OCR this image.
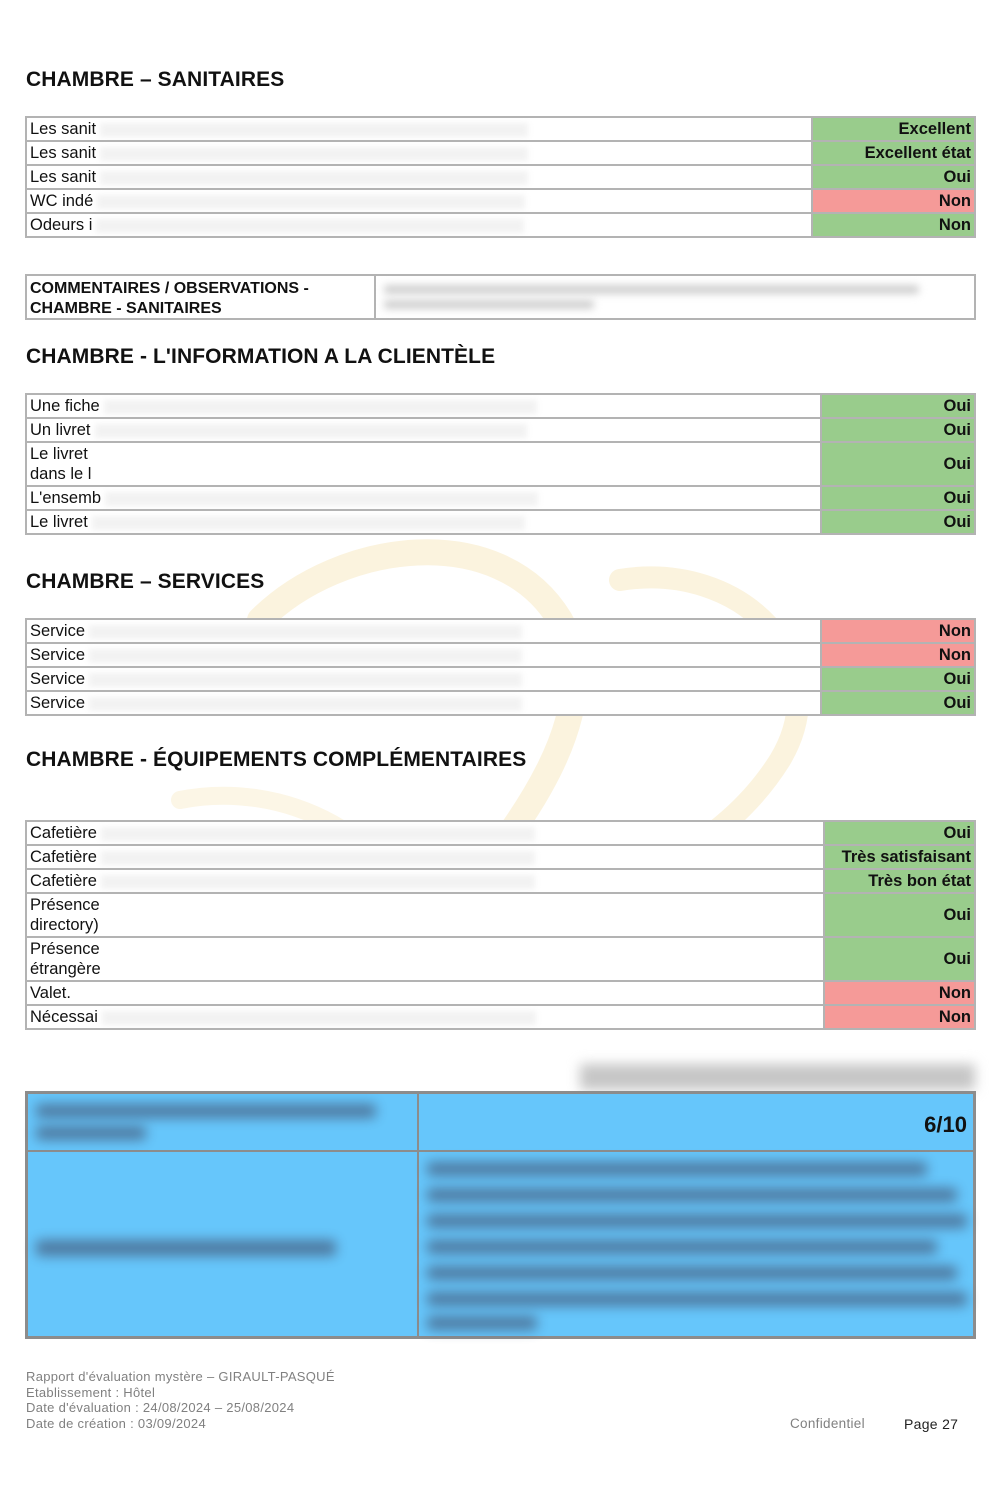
CHAMBRE – SANITAIRES
Les sanit	Excellent
Les sanit	Excellent état
Les sanit	Oui
WC indé	Non
Odeurs i	Non
COMMENTAIRES / OBSERVATIONS -
CHAMBRE - SANITAIRES
CHAMBRE - L'INFORMATION A LA CLIENTÈLE
Une fiche	Oui
Un livret	Oui

Le livret
dans le l	Oui
L'ensemb	Oui
Le livret	Oui
CHAMBRE – SERVICES
Service	Non
Service	Non
Service	Oui
Service	Oui
CHAMBRE - ÉQUIPEMENTS COMPLÉMENTAIRES
Cafetière	Oui
Cafetière	Très satisfaisant
Cafetière	Très bon état

Présence
directory)	Oui

Présence
étrangère	Oui
Valet.	Non
Nécessai	Non
6/10
Rapport d'évaluation mystère – GIRAULT-PASQUÉ
Etablissement : Hôtel
Date d'évaluation : 24/08/2024 – 25/08/2024
Date de création : 03/09/2024	Confidentiel	Page 27
